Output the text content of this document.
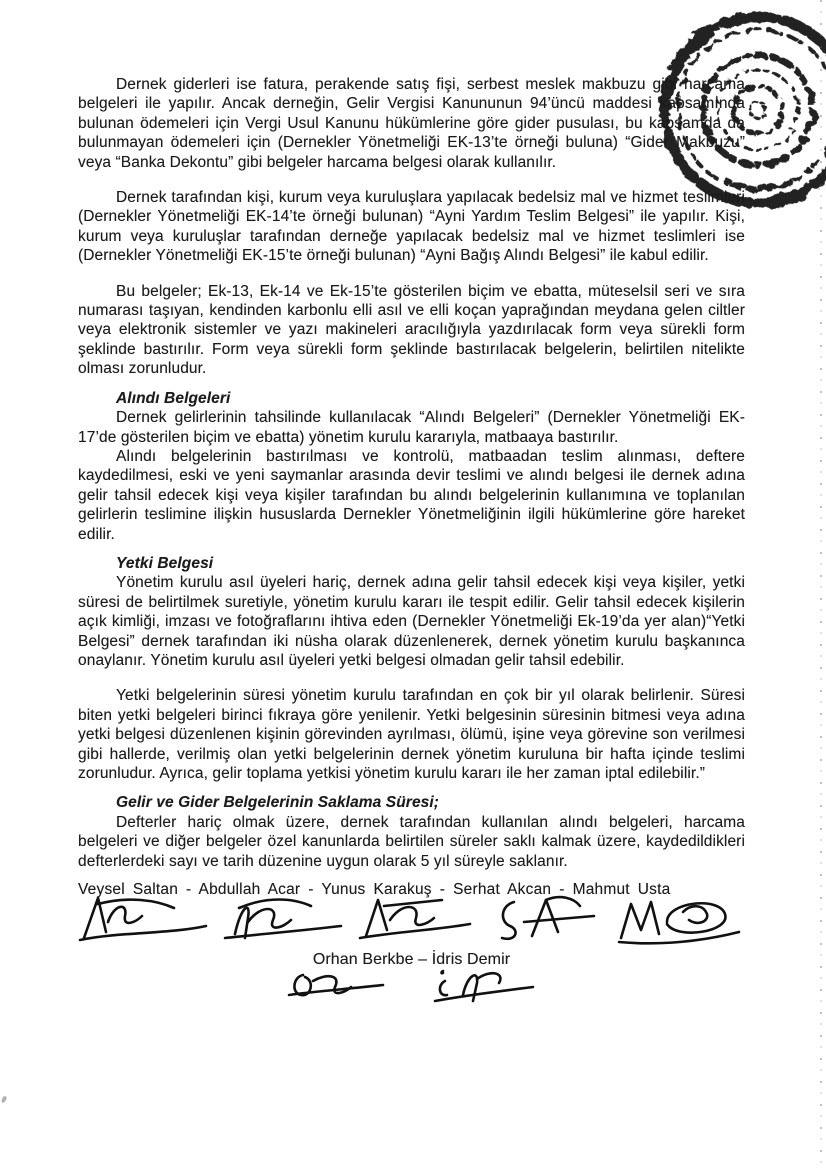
Dernek giderleri ise fatura, perakende satış fişi, serbest meslek makbuzu gibi harcama belgeleri ile yapılır. Ancak derneğin, Gelir Vergisi Kanununun 94’üncü maddesi kapsamında bulunan ödemeleri için Vergi Usul Kanunu hükümlerine göre gider pusulası, bu kapsamda da bulunmayan ödemeleri için (Dernekler Yönetmeliği EK-13’te örneği buluna) “Gider Makbuzu” veya “Banka Dekontu” gibi belgeler harcama belgesi olarak kullanılır.

Dernek tarafından kişi, kurum veya kuruluşlara yapılacak bedelsiz mal ve hizmet teslimleri (Dernekler Yönetmeliği EK-14’te örneği bulunan) “Ayni Yardım Teslim Belgesi” ile yapılır. Kişi, kurum veya kuruluşlar tarafından derneğe yapılacak bedelsiz mal ve hizmet teslimleri ise (Dernekler Yönetmeliği EK-15’te örneği bulunan) “Ayni Bağış Alındı Belgesi” ile kabul edilir.

Bu belgeler; Ek-13, Ek-14 ve Ek-15’te gösterilen biçim ve ebatta, müteselsil seri ve sıra numarası taşıyan, kendinden karbonlu elli asıl ve elli koçan yaprağından meydana gelen ciltler veya elektronik sistemler ve yazı makineleri aracılığıyla yazdırılacak form veya sürekli form şeklinde bastırılır. Form veya sürekli form şeklinde bastırılacak belgelerin, belirtilen nitelikte olması zorunludur.

Alındı Belgeleri

Dernek gelirlerinin tahsilinde kullanılacak “Alındı Belgeleri” (Dernekler Yönetmeliği EK- 17’de gösterilen biçim ve ebatta) yönetim kurulu kararıyla, matbaaya bastırılır.

Alındı belgelerinin bastırılması ve kontrolü, matbaadan teslim alınması, deftere kaydedilmesi, eski ve yeni saymanlar arasında devir teslimi ve alındı belgesi ile dernek adına gelir tahsil edecek kişi veya kişiler tarafından bu alındı belgelerinin kullanımına ve toplanılan gelirlerin teslimine ilişkin hususlarda Dernekler Yönetmeliğinin ilgili hükümlerine göre hareket edilir.

Yetki Belgesi

Yönetim kurulu asıl üyeleri hariç, dernek adına gelir tahsil edecek kişi veya kişiler, yetki süresi de belirtilmek suretiyle, yönetim kurulu kararı ile tespit edilir. Gelir tahsil edecek kişilerin açık kimliği, imzası ve fotoğraflarını ihtiva eden (Dernekler Yönetmeliği Ek-19’da yer alan)“Yetki Belgesi” dernek tarafından iki nüsha olarak düzenlenerek, dernek yönetim kurulu başkanınca onaylanır. Yönetim kurulu asıl üyeleri yetki belgesi olmadan gelir tahsil edebilir.

Yetki belgelerinin süresi yönetim kurulu tarafından en çok bir yıl olarak belirlenir. Süresi biten yetki belgeleri birinci fıkraya göre yenilenir. Yetki belgesinin süresinin bitmesi veya adına yetki belgesi düzenlenen kişinin görevinden ayrılması, ölümü, işine veya görevine son verilmesi gibi hallerde, verilmiş olan yetki belgelerinin dernek yönetim kuruluna bir hafta içinde teslimi zorunludur. Ayrıca, gelir toplama yetkisi yönetim kurulu kararı ile her zaman iptal edilebilir.”

Gelir ve Gider Belgelerinin Saklama Süresi;

Defterler hariç olmak üzere, dernek tarafından kullanılan alındı belgeleri, harcama belgeleri ve diğer belgeler özel kanunlarda belirtilen süreler saklı kalmak üzere, kaydedildikleri defterlerdeki sayı ve tarih düzenine uygun olarak 5 yıl süreyle saklanır.

Veysel Saltan - Abdullah Acar - Yunus Karakuş - Serhat Akcan - Mahmut Usta
Orhan Berkbe – İdris Demir
